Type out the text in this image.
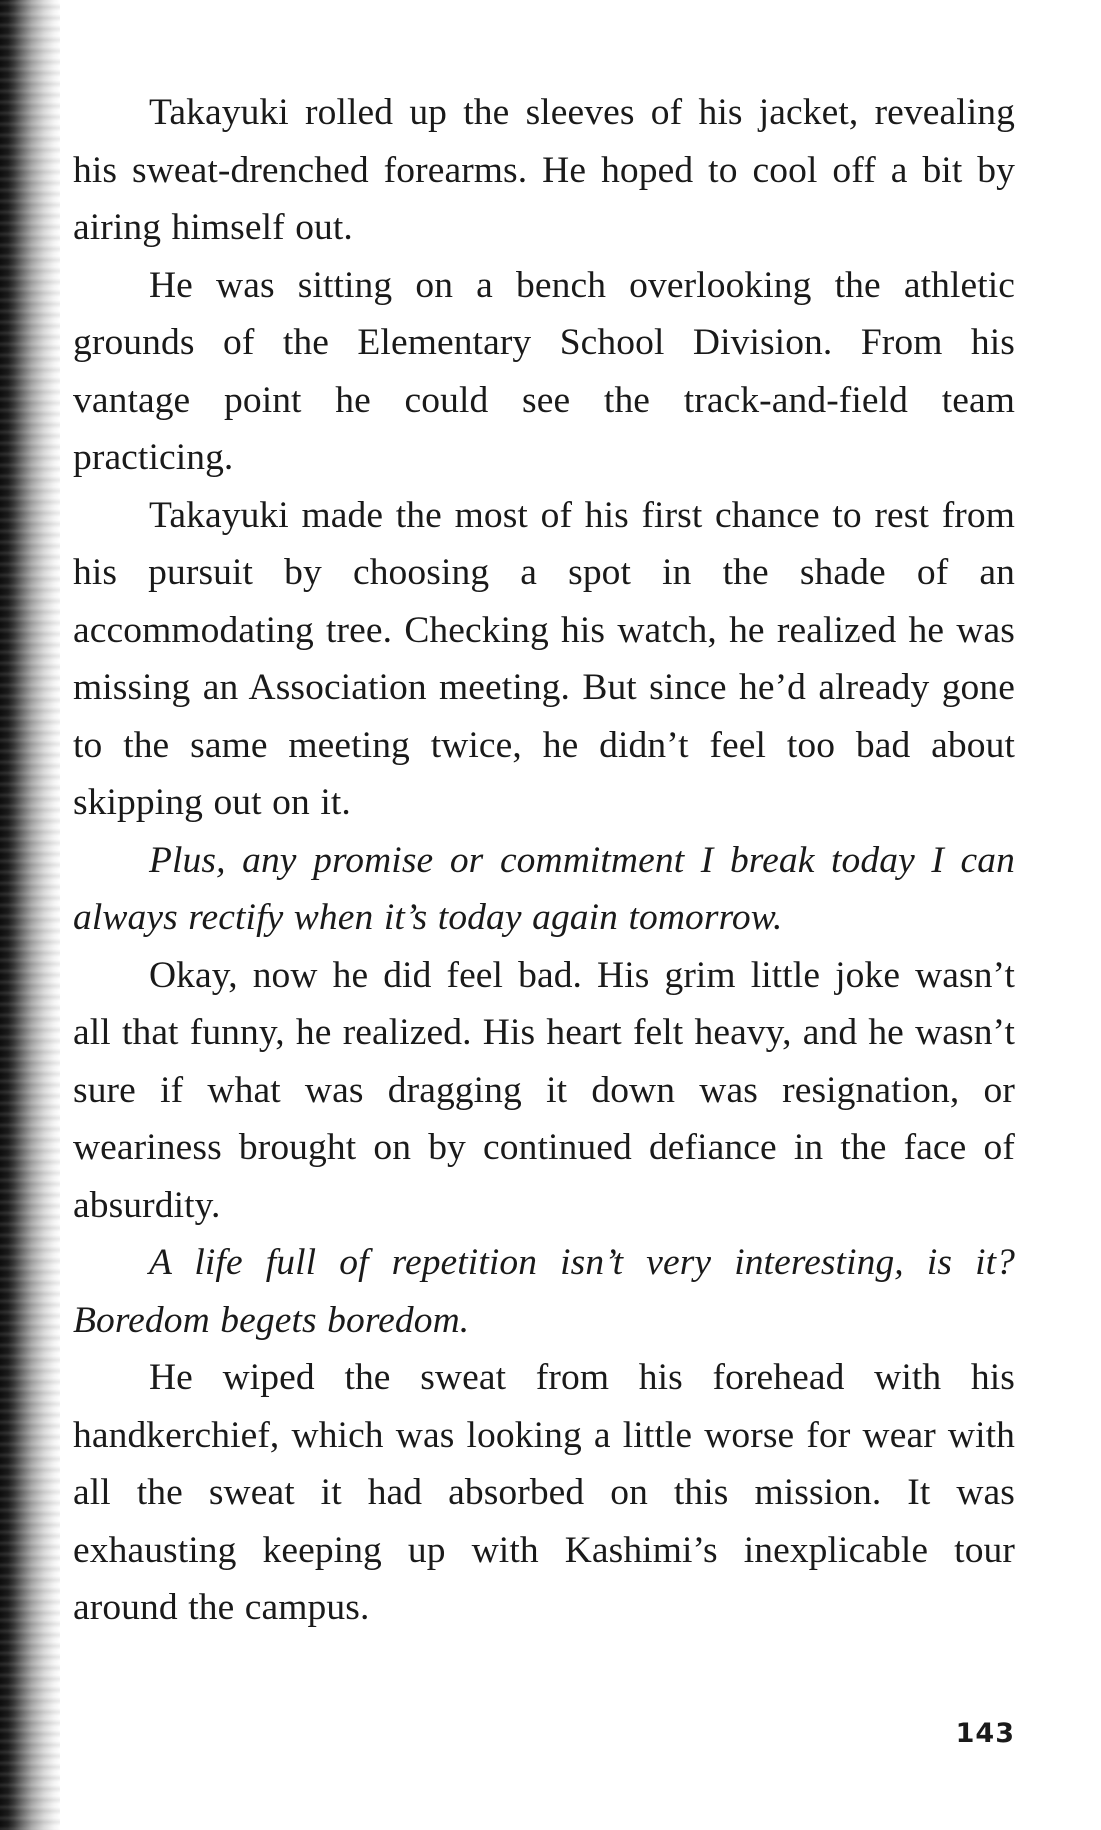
Takayuki rolled up the sleeves of his jacket, revealing his sweat-drenched forearms. He hoped to cool off a bit by airing himself out.

He was sitting on a bench overlooking the athletic grounds of the Elementary School Division. From his vantage point he could see the track-and-field team practicing.

Takayuki made the most of his first chance to rest from his pursuit by choosing a spot in the shade of an accommodating tree. Checking his watch, he realized he was missing an Association meeting. But since he’d already gone to the same meeting twice, he didn’t feel too bad about skipping out on it.

Plus, any promise or commitment I break today I can always rectify when it’s today again tomorrow.

Okay, now he did feel bad. His grim little joke wasn’t all that funny, he realized. His heart felt heavy, and he wasn’t sure if what was dragging it down was resignation, or weariness brought on by continued defiance in the face of absurdity.

A life full of repetition isn’t very interesting, is it? Boredom begets boredom.

He wiped the sweat from his forehead with his handkerchief, which was looking a little worse for wear with all the sweat it had absorbed on this mission. It was exhausting keeping up with Kashimi’s inexplicable tour around the campus.

143
